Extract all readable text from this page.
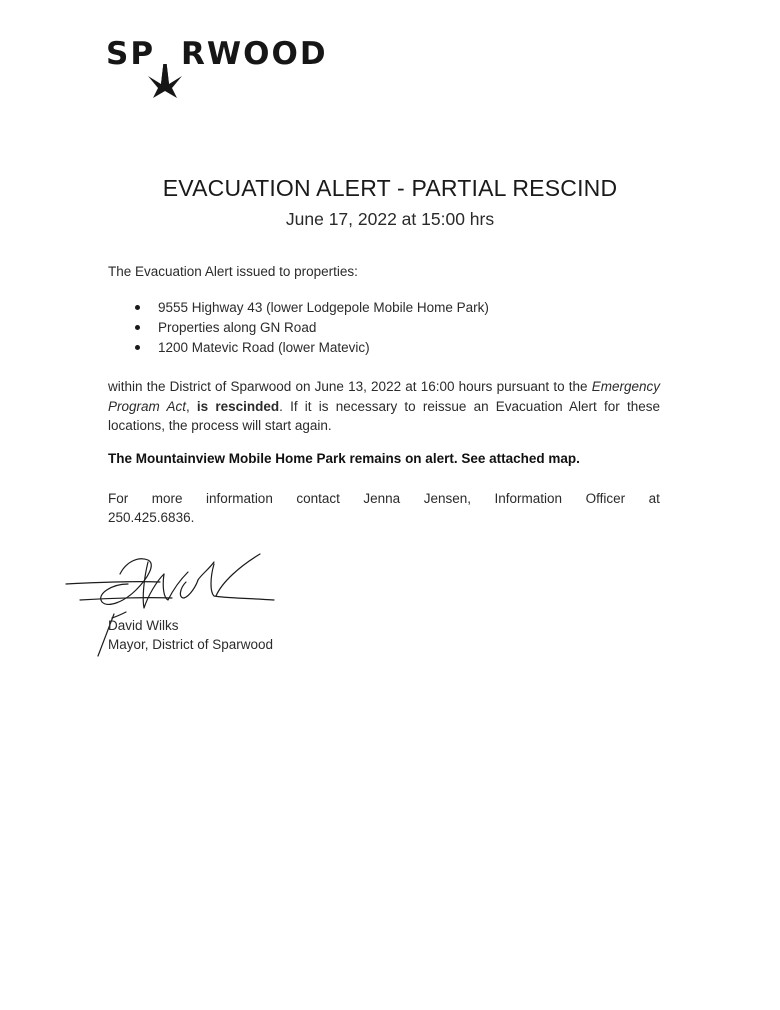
SP RWOOD
EVACUATION ALERT - PARTIAL RESCIND
June 17, 2022 at 15:00 hrs
The Evacuation Alert issued to properties:
9555 Highway 43 (lower Lodgepole Mobile Home Park)
Properties along GN Road
1200 Matevic Road (lower Matevic)
within the District of Sparwood on June 13, 2022 at 16:00 hours pursuant to the Emergency Program Act, is rescinded. If it is necessary to reissue an Evacuation Alert for these locations, the process will start again.
The Mountainview Mobile Home Park remains on alert. See attached map.
For more information contact Jenna Jensen, Information Officer at
250.425.6836.
David Wilks
Mayor, District of Sparwood
